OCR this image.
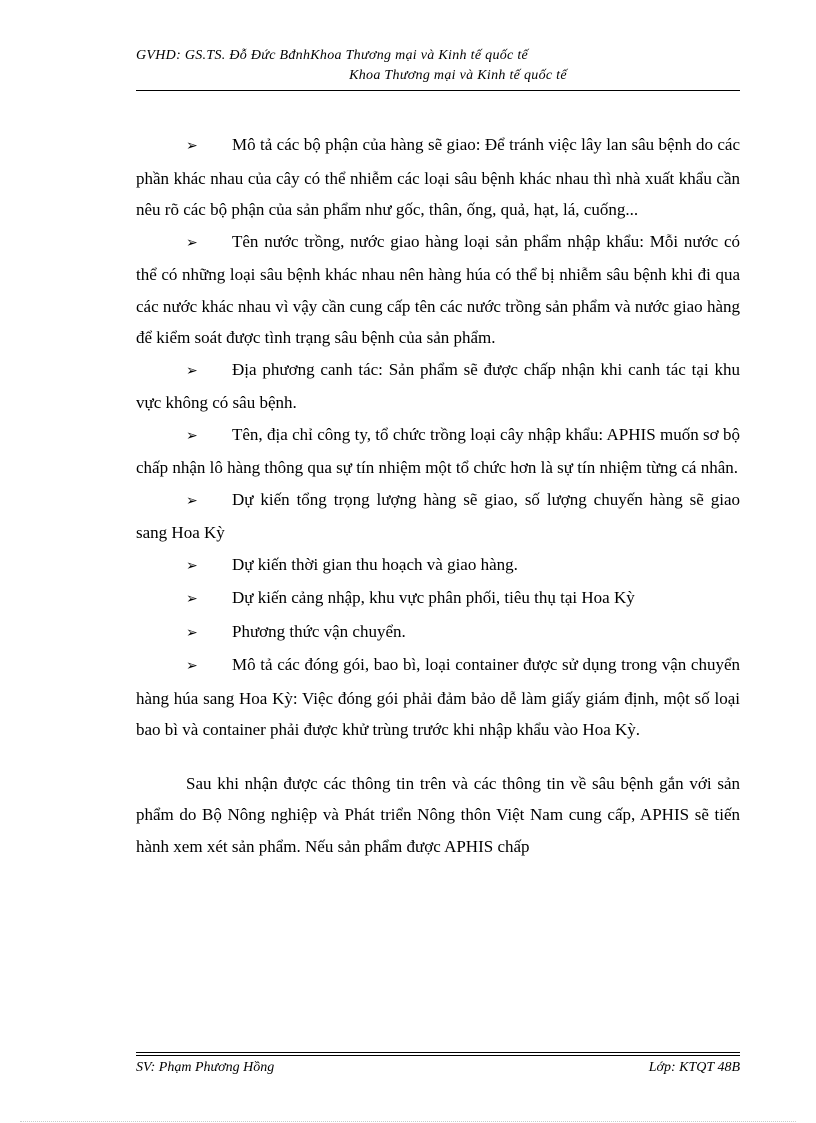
GVHD: GS.TS. Đỗ Đức BđnhKhoa Thương mại và Kinh tế quốc tế
Khoa Thương mại và Kinh tế quốc tế

➢ Mô tả các bộ phận của hàng sẽ giao: Để tránh việc lây lan sâu bệnh do các phần khác nhau của cây có thể nhiễm các loại sâu bệnh khác nhau thì nhà xuất khẩu cần nêu rõ các bộ phận của sản phẩm như gốc, thân, ống, quả, hạt, lá, cuống...

➢ Tên nước trồng, nước giao hàng loại sản phẩm nhập khẩu: Mỗi nước có thể có những loại sâu bệnh khác nhau nên hàng húa có thể bị nhiễm sâu bệnh khi đi qua các nước khác nhau vì vậy cần cung cấp tên các nước trồng sản phẩm và nước giao hàng để kiểm soát được tình trạng sâu bệnh của sản phẩm.

➢ Địa phương canh tác: Sản phẩm sẽ được chấp nhận khi canh tác tại khu vực không có sâu bệnh.

➢ Tên, địa chỉ công ty, tổ chức trồng loại cây nhập khẩu: APHIS muốn sơ bộ chấp nhận lô hàng thông qua sự tín nhiệm một tổ chức hơn là sự tín nhiệm từng cá nhân.

➢ Dự kiến tổng trọng lượng hàng sẽ giao, số lượng chuyến hàng sẽ giao sang Hoa Kỳ

➢ Dự kiến thời gian thu hoạch và giao hàng.

➢ Dự kiến cảng nhập, khu vực phân phối, tiêu thụ tại Hoa Kỳ

➢ Phương thức vận chuyển.

➢ Mô tả các đóng gói, bao bì, loại container được sử dụng trong vận chuyển hàng húa sang Hoa Kỳ: Việc đóng gói phải đảm bảo dễ làm giấy giám định, một số loại bao bì và container phải được khử trùng trước khi nhập khẩu vào Hoa Kỳ.

Sau khi nhận được các thông tin trên và các thông tin về sâu bệnh gắn với sản phẩm do Bộ Nông nghiệp và Phát triển Nông thôn Việt Nam cung cấp, APHIS sẽ tiến hành xem xét sản phẩm. Nếu sản phẩm được APHIS chấp

SV: Phạm Phương Hồng	Lớp: KTQT 48B
